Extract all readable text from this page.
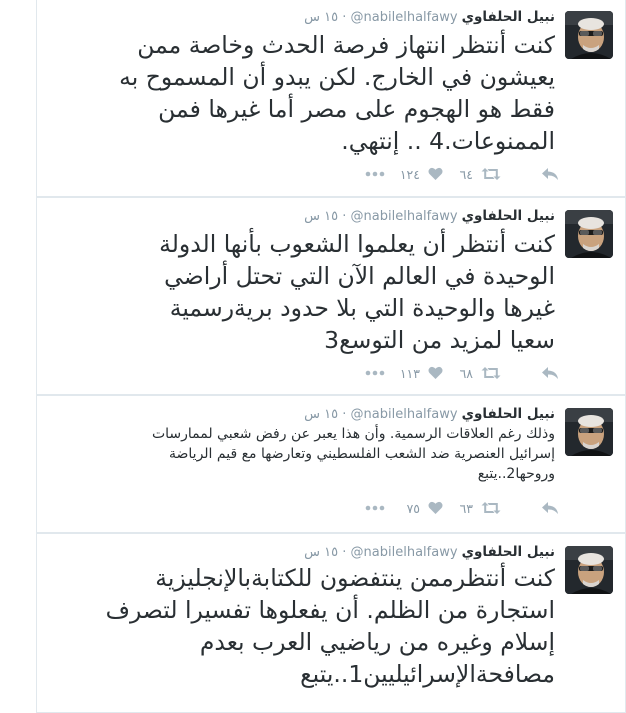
نبيل الحلفاوي @nabilelhalfawy · ١٥ س
كنت أنتظر انتهاز فرصة الحدث وخاصة ممن
يعيشون في الخارج. لكن يبدو أن المسموح به
فقط هو الهجوم على مصر أما غيرها فمن
الممنوعات.4 .. إنتهي.
٦٤
١٢٤
نبيل الحلفاوي @nabilelhalfawy · ١٥ س
كنت أنتظر أن يعلموا الشعوب بأنها الدولة
الوحيدة في العالم الآن التي تحتل أراضي
غيرها والوحيدة التي بلا حدود بريةرسمية
سعيا لمزيد من التوسع3
٦٨
١١٣
نبيل الحلفاوي @nabilelhalfawy · ١٥ س
وذلك رغم العلاقات الرسمية. وأن هذا يعبر عن رفض شعبي لممارسات
إسرائيل العنصرية ضد الشعب الفلسطيني وتعارضها مع قيم الرياضة
وروحها2..يتبع
٦٣
٧٥
نبيل الحلفاوي @nabilelhalfawy · ١٥ س
كنت أنتظرممن ينتفضون للكتابةبالإنجليزية
استجارة من الظلم. أن يفعلوها تفسيرا لتصرف
إسلام وغيره من رياضيي العرب بعدم
مصافحةالإسرائيليين1..يتبع
